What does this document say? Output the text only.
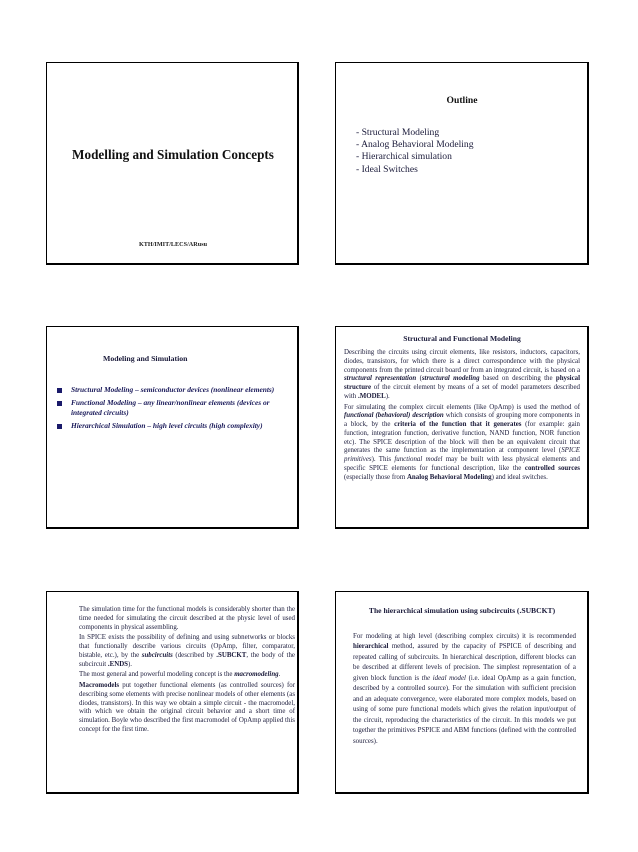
Modelling and Simulation Concepts
KTH/IMIT/LECS/ARusu
Outline
- Structural Modeling
- Analog Behavioral Modeling
- Hierarchical simulation
- Ideal Switches
Modeling and Simulation
Structural Modeling – semiconductor devices (nonlinear elements)
Functional Modeling – any linear/nonlinear elements (devices or integrated circuits)
Hierarchical Simulation – high level circuits (high complexity)
Structural and Functional Modeling

Describing the circuits using circuit elements, like resistors, inductors, capacitors, diodes, transistors, for which there is a direct correspondence with the physical components from the printed circuit board or from an integrated circuit, is based on a structural representation (structural modeling based on describing the physical structure of the circuit element by means of a set of model parameters described with .MODEL).

For simulating the complex circuit elements (like OpAmp) is used the method of functional (behavioral) description which consists of grouping more components in a block, by the criteria of the function that it generates (for example: gain function, integration function, derivative function, NAND function, NOR function etc). The SPICE description of the block will then be an equivalent circuit that generates the same function as the implementation at component level (SPICE primitives). This functional model may be built with less physical elements and specific SPICE elements for functional description, like the controlled sources (especially those from Analog Behavioral Modeling) and ideal switches.

The simulation time for the functional models is considerably shorter than the time needed for simulating the circuit described at the physic level of used components in physical assembling.

In SPICE exists the possibility of defining and using subnetworks or blocks that functionally describe various circuits (OpAmp, filter, comparator, bistable, etc.), by the subcircuits (described by .SUBCKT, the body of the subcircuit .ENDS).

The most general and powerful modeling concept is the macromodeling.

Macromodels put together functional elements (as controlled sources) for describing some elements with precise nonlinear models of other elements (as diodes, transistors). In this way we obtain a simple circuit - the macromodel, with which we obtain the original circuit behavior and a short time of simulation. Boyle who described the first macromodel of OpAmp applied this concept for the first time.

The hierarchical simulation using subcircuits (.SUBCKT)

For modeling at high level (describing complex circuits) it is recommended hierarchical method, assured by the capacity of PSPICE of describing and repeated calling of subcircuits. In hierarchical description, different blocks can be described at different levels of precision. The simplest representation of a given block function is the ideal model (i.e. ideal OpAmp as a gain function, described by a controlled source). For the simulation with sufficient precision and an adequate convergence, were elaborated more complex models, based on using of some pure functional models which gives the relation input/output of the circuit, reproducing the characteristics of the circuit. In this models we put together the primitives PSPICE and ABM functions (defined with the controlled sources).
